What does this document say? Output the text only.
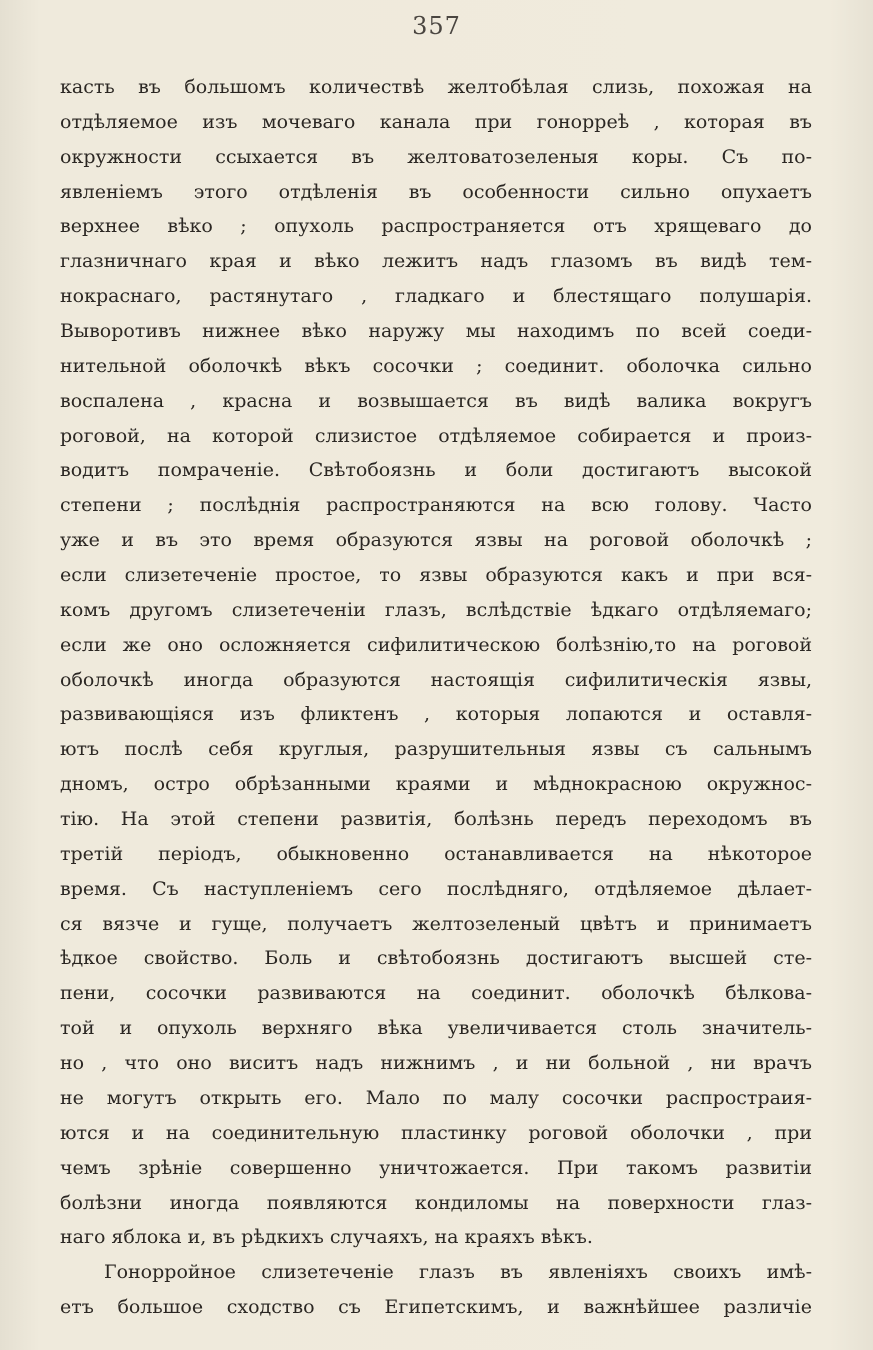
357
касть въ большомъ количествѣ желтобѣлая слизь, похожая на
отдѣляемое изъ мочеваго канала при гонорреѣ , которая въ
окружности ссыхается въ желтоватозеленыя коры. Съ по-
явленіемъ этого отдѣленія въ особенности сильно опухаетъ
верхнее вѣко ; опухоль распространяется отъ хрящеваго до
глазничнаго края и вѣко лежитъ надъ глазомъ въ видѣ тем-
нокраснаго, растянутаго , гладкаго и блестящаго полушарія.
Выворотивъ нижнее вѣко наружу мы находимъ по всей соеди-
нительной оболочкѣ вѣкъ сосочки ; соединит. оболочка сильно
воспалена , красна и возвышается въ видѣ валика вокругъ
роговой, на которой слизистое отдѣляемое собирается и произ-
водитъ помраченіе. Свѣтобоязнь и боли достигаютъ высокой
степени ; послѣднія распространяются на всю голову. Часто
уже и въ это время образуются язвы на роговой оболочкѣ ;
если слизетеченіе простое, то язвы образуются какъ и при вся-
комъ другомъ слизетеченіи глазъ, вслѣдствіе ѣдкаго отдѣляемаго;
если же оно осложняется сифилитическою болѣзнію,то на роговой
оболочкѣ иногда образуются настоящія сифилитическія язвы,
развивающіяся изъ фликтенъ , которыя лопаются и оставля-
ютъ послѣ себя круглыя, разрушительныя язвы съ сальнымъ
дномъ, остро обрѣзанными краями и мѣднокрасною окружнос-
тію. На этой степени развитія, болѣзнь передъ переходомъ въ
третій періодъ, обыкновенно останавливается на нѣкоторое
время. Съ наступленіемъ сего послѣдняго, отдѣляемое дѣлает-
ся вязче и гуще, получаетъ желтозеленый цвѣтъ и принимаетъ
ѣдкое свойство. Боль и свѣтобоязнь достигаютъ высшей сте-
пени, сосочки развиваются на соединит. оболочкѣ бѣлковa-
той и опухоль верхняго вѣка увеличивается столь значитель-
но , что оно виситъ надъ нижнимъ , и ни больной , ни врачъ
не могутъ открыть его. Мало по малу сосочки распростраия-
ются и на соединительную пластинку роговой оболочки , при
чемъ зрѣніе совершенно уничтожается. При такомъ развитіи
болѣзни иногда появляются кондиломы на поверхности глаз-
наго яблока и, въ рѣдкихъ случаяхъ, на краяхъ вѣкъ.
Гонорройное слизетеченіе глазъ въ явленіяхъ своихъ имѣ-
етъ большое сходство съ Египетскимъ, и важнѣйшее различіе
